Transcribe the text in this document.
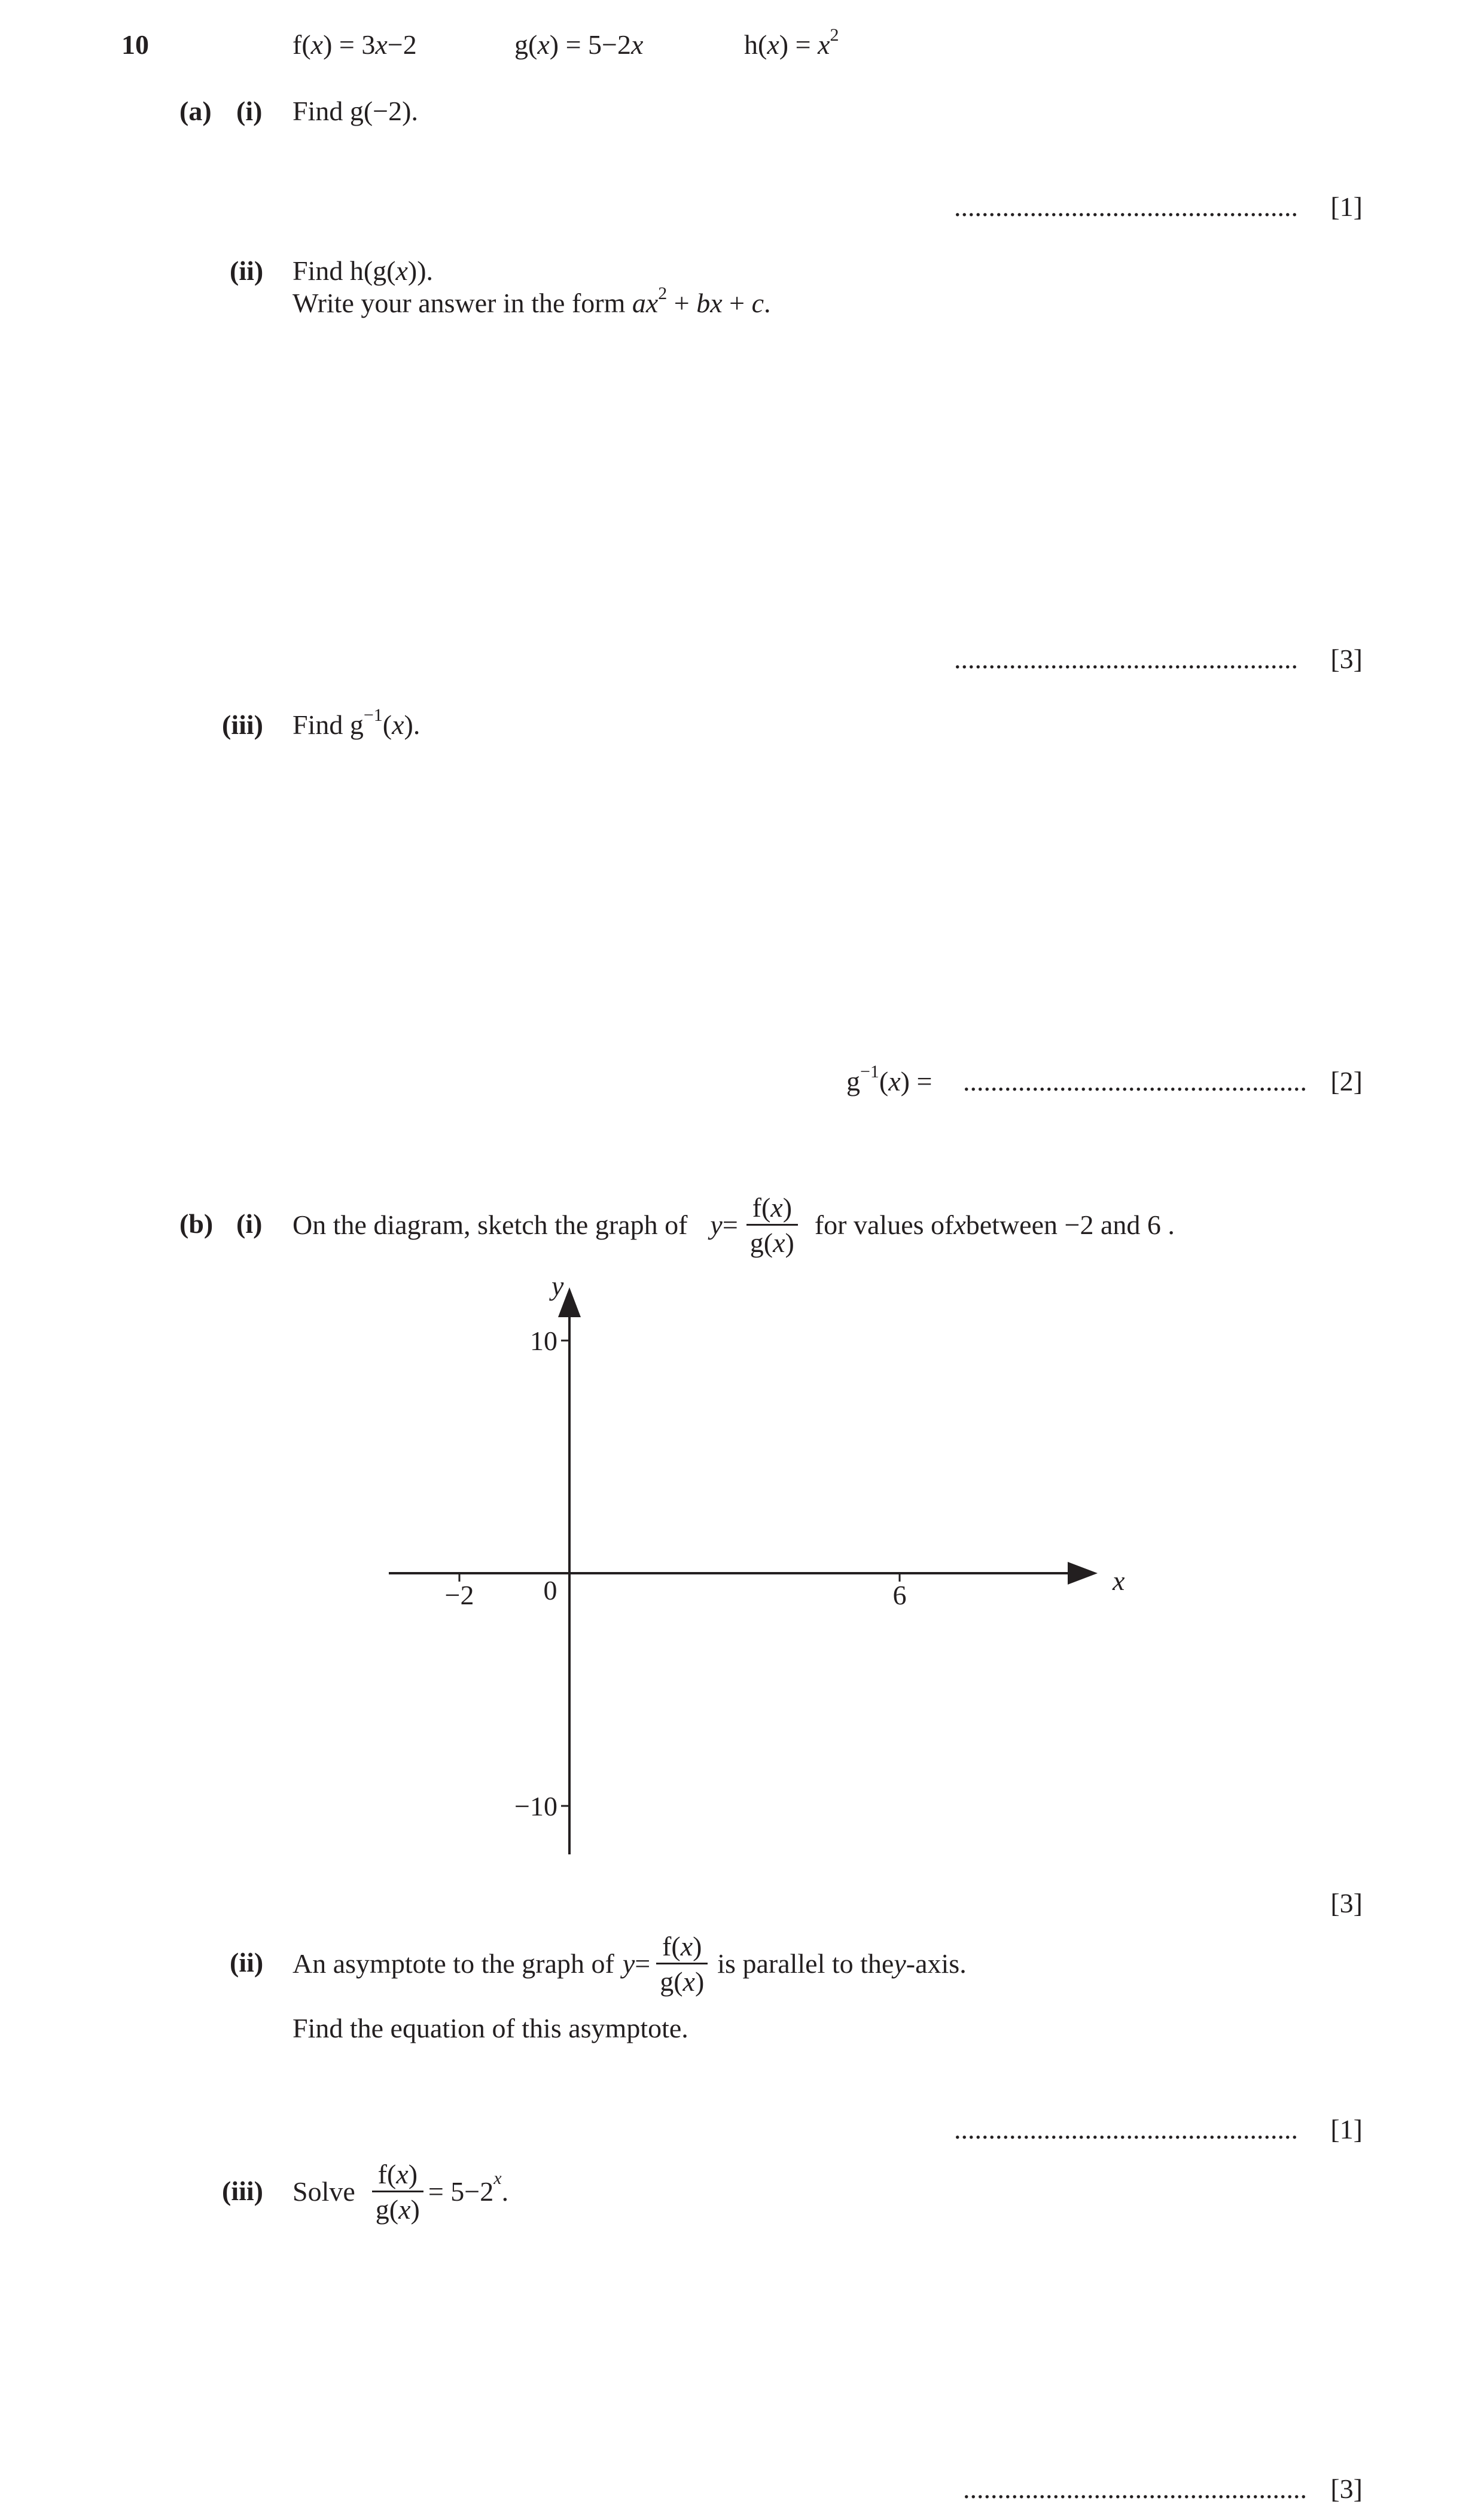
10	f(x) = 3x−2	g(x) = 5−2x	$h(x) = x^2$
(a) (i) Find g(−2).
.................................................. [1]
(ii) Find h(g(x)).
Write your answer in the form $ax^2$ + bx + c.
.................................................. [3]
(iii) Find $g^{-1}(x)$.
$g^{-1}(x)$ = .................................................. [2]
(b) (i) On the diagram, sketch the graph of $y = \frac{f(x)}{g(x)}$ for values of x between −2 and 6 .
x
y
0
−2	6
10
−10
[3]
(ii) An asymptote to the graph of $y = \frac{f(x)}{g(x)}$ is parallel to the y -axis.
Find the equation of this asymptote.
.................................................. [1]
(iii) Solve $\frac{f(x)}{g(x)} = 5-2$ x .
.................................................. [3]
